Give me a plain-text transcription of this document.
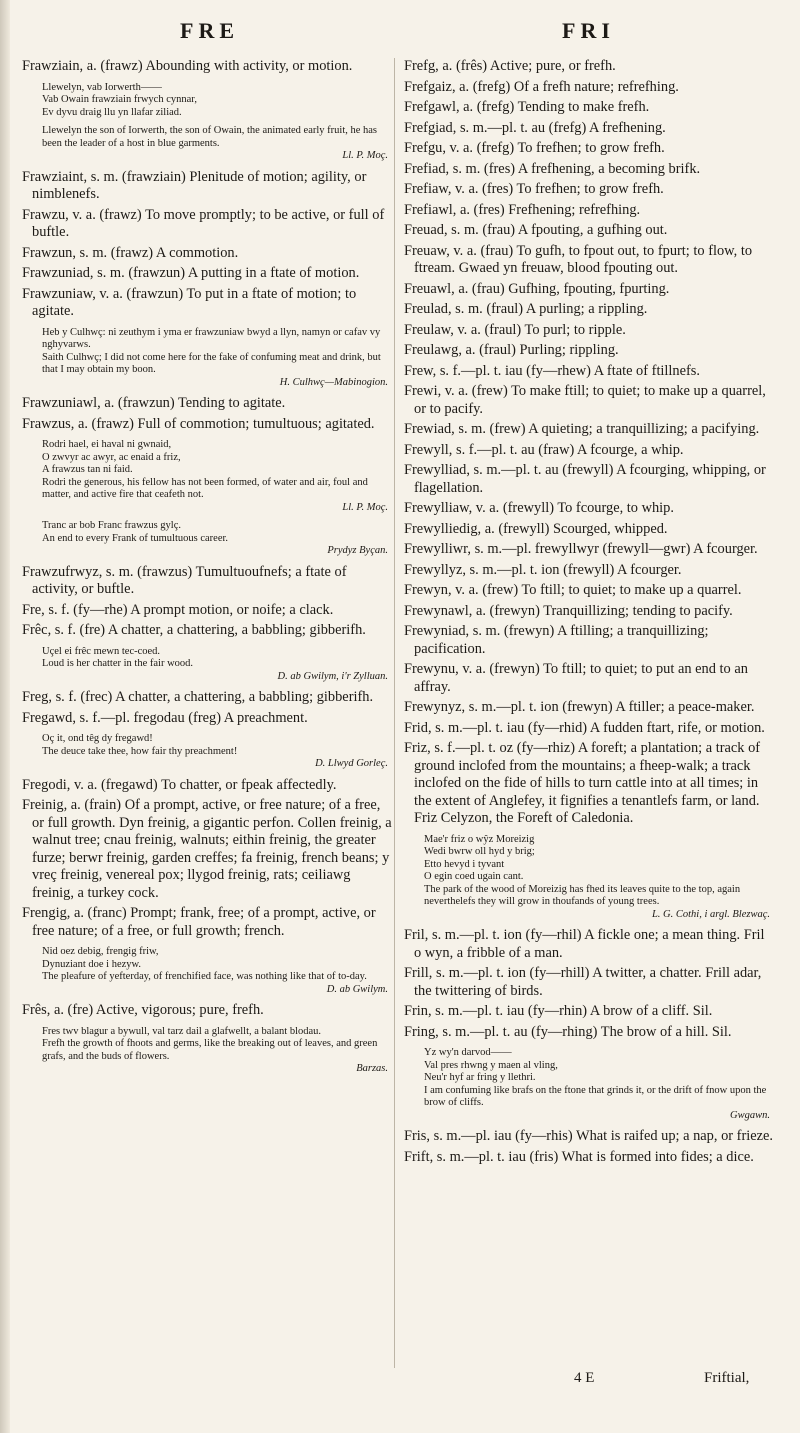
FRE	FRI
Frawziain, a. (frawz) Abounding with activity, or motion.
Llewelyn, vab Iorwerth——
Vab Owain frawziain frwych cynnar,
Ev dyvu draig llu yn llafar ziliad.
Llewelyn the son of Iorwerth, the son of Owain, the animated early fruit, he has been the leader of a host in blue garments.
Ll. P. Moç.
Frawziaint, s. m. (frawziain) Plenitude of motion; agility, or nimblenefs.
Frawzu, v. a. (frawz) To move promptly; to be active, or full of buftle.
Frawzun, s. m. (frawz) A commotion.
Frawzuniad, s. m. (frawzun) A putting in a ftate of motion.
Frawzuniaw, v. a. (frawzun) To put in a ftate of motion; to agitate.
Heb y Culhwç: ni zeuthym i yma er frawzuniaw bwyd a llyn, namyn or cafav vy nghyvarws.
Saith Culhwç; I did not come here for the fake of confuming meat and drink, but that I may obtain my boon.
H. Culhwç—Mabinogion.
Frawzuniawl, a. (frawzun) Tending to agitate.
Frawzus, a. (frawz) Full of commotion; tumultuous; agitated.
Rodri hael, ei haval ni gwnaid,
O zwvyr ac awyr, ac enaid a friz,
A frawzus tan ni faid.
Rodri the generous, his fellow has not been formed, of water and air, foul and matter, and active fire that ceafeth not.
Ll. P. Moç.
Tranc ar bob Franc frawzus gylç.
An end to every Frank of tumultuous career.
Prydyz Byçan.
Frawzufrwyz, s. m. (frawzus) Tumultuoufnefs; a ftate of activity, or buftle.
Fre, s. f. (fy—rhe) A prompt motion, or noife; a clack.
Frêc, s. f. (fre) A chatter, a chattering, a babbling; gibberifh.
Uçel ei frêc mewn tec-coed.
Loud is her chatter in the fair wood.
D. ab Gwilym, i'r Zylluan.
Freg, s. f. (frec) A chatter, a chattering, a babbling; gibberifh.
Fregawd, s. f.—pl. fregodau (freg) A preachment.
Oç it, ond têg dy fregawd!
The deuce take thee, how fair thy preachment!
D. Llwyd Gorleç.
Fregodi, v. a. (fregawd) To chatter, or fpeak affectedly.
Freinig, a. (frain) Of a prompt, active, or free nature; of a free, or full growth. Dyn freinig, a gigantic perfon. Collen freinig, a walnut tree; cnau freinig, walnuts; eithin freinig, the greater furze; berwr freinig, garden creffes; fa freinig, french beans; y vreç freinig, venereal pox; llygod freinig, rats; ceiliawg freinig, a turkey cock.
Frengig, a. (franc) Prompt; frank, free; of a prompt, active, or free nature; of a free, or full growth; french.
Nid oez debig, frengig friw,
Dynuziant doe i hezyw.
The pleafure of yefterday, of frenchified face, was nothing like that of to-day.
D. ab Gwilym.
Frês, a. (fre) Active, vigorous; pure, frefh.
Fres twv blagur a bywull, val tarz dail a glafwellt, a balant blodau.
Frefh the growth of fhoots and germs, like the breaking out of leaves, and green grafs, and the buds of flowers.
Barzas.
Frefg, a. (frês) Active; pure, or frefh.
Frefgaiz, a. (frefg) Of a frefh nature; refrefhing.
Frefgawl, a. (frefg) Tending to make frefh.
Frefgiad, s. m.—pl. t. au (frefg) A frefhening.
Frefgu, v. a. (frefg) To frefhen; to grow frefh.
Frefiad, s. m. (fres) A frefhening, a becoming brifk.
Frefiaw, v. a. (fres) To frefhen; to grow frefh.
Frefiawl, a. (fres) Frefhening; refrefhing.
Freuad, s. m. (frau) A fpouting, a gufhing out.
Freuaw, v. a. (frau) To gufh, to fpout out, to fpurt; to flow, to ftream. Gwaed yn freuaw, blood fpouting out.
Freuawl, a. (frau) Gufhing, fpouting, fpurting.
Freulad, s. m. (fraul) A purling; a rippling.
Freulaw, v. a. (fraul) To purl; to ripple.
Freulawg, a. (fraul) Purling; rippling.
Frew, s. f.—pl. t. iau (fy—rhew) A ftate of ftillnefs.
Frewi, v. a. (frew) To make ftill; to quiet; to make up a quarrel, or to pacify.
Frewiad, s. m. (frew) A quieting; a tranquillizing; a pacifying.
Frewyll, s. f.—pl. t. au (fraw) A fcourge, a whip.
Frewylliad, s. m.—pl. t. au (frewyll) A fcourging, whipping, or flagellation.
Frewylliaw, v. a. (frewyll) To fcourge, to whip.
Frewylliedig, a. (frewyll) Scourged, whipped.
Frewylliwr, s. m.—pl. frewyllwyr (frewyll—gwr) A fcourger.
Frewyllyz, s. m.—pl. t. ion (frewyll) A fcourger.
Frewyn, v. a. (frew) To ftill; to quiet; to make up a quarrel.
Frewynawl, a. (frewyn) Tranquillizing; tending to pacify.
Frewyniad, s. m. (frewyn) A ftilling; a tranquillizing; pacification.
Frewynu, v. a. (frewyn) To ftill; to quiet; to put an end to an affray.
Frewynyz, s. m.—pl. t. ion (frewyn) A ftiller; a peace-maker.
Frid, s. m.—pl. t. iau (fy—rhid) A fudden ftart, rife, or motion.
Friz, s. f.—pl. t. oz (fy—rhiz) A foreft; a plantation; a track of ground inclofed from the mountains; a fheep-walk; a track inclofed on the fide of hills to turn cattle into at all times; in the extent of Anglefey, it fignifies a tenantlefs farm, or land. Friz Celyzon, the Foreft of Caledonia.
Mae'r friz o wŷz Moreizig
Wedi bwrw oll hyd y brig;
Etto hevyd i tyvant
O egin coed ugain cant.
The park of the wood of Moreizig has fhed its leaves quite to the top, again neverthelefs they will grow in thoufands of young trees.
L. G. Cothi, i argl. Blezwaç.
Fril, s. m.—pl. t. ion (fy—rhil) A fickle one; a mean thing. Fril o wyn, a fribble of a man.
Frill, s. m.—pl. t. ion (fy—rhill) A twitter, a chatter. Frill adar, the twittering of birds.
Frin, s. m.—pl. t. iau (fy—rhin) A brow of a cliff. Sil.
Fring, s. m.—pl. t. au (fy—rhing) The brow of a hill. Sil.
Yz wy'n darvod——
Val pres rhwng y maen al vling,
Neu'r hyf ar fring y llethri.
I am confuming like brafs on the ftone that grinds it, or the drift of fnow upon the brow of cliffs.
Gwgawn.
Fris, s. m.—pl. iau (fy—rhis) What is raifed up; a nap, or frieze.
Frift, s. m.—pl. t. iau (fris) What is formed into fides; a dice.
4 E	Friftial,
